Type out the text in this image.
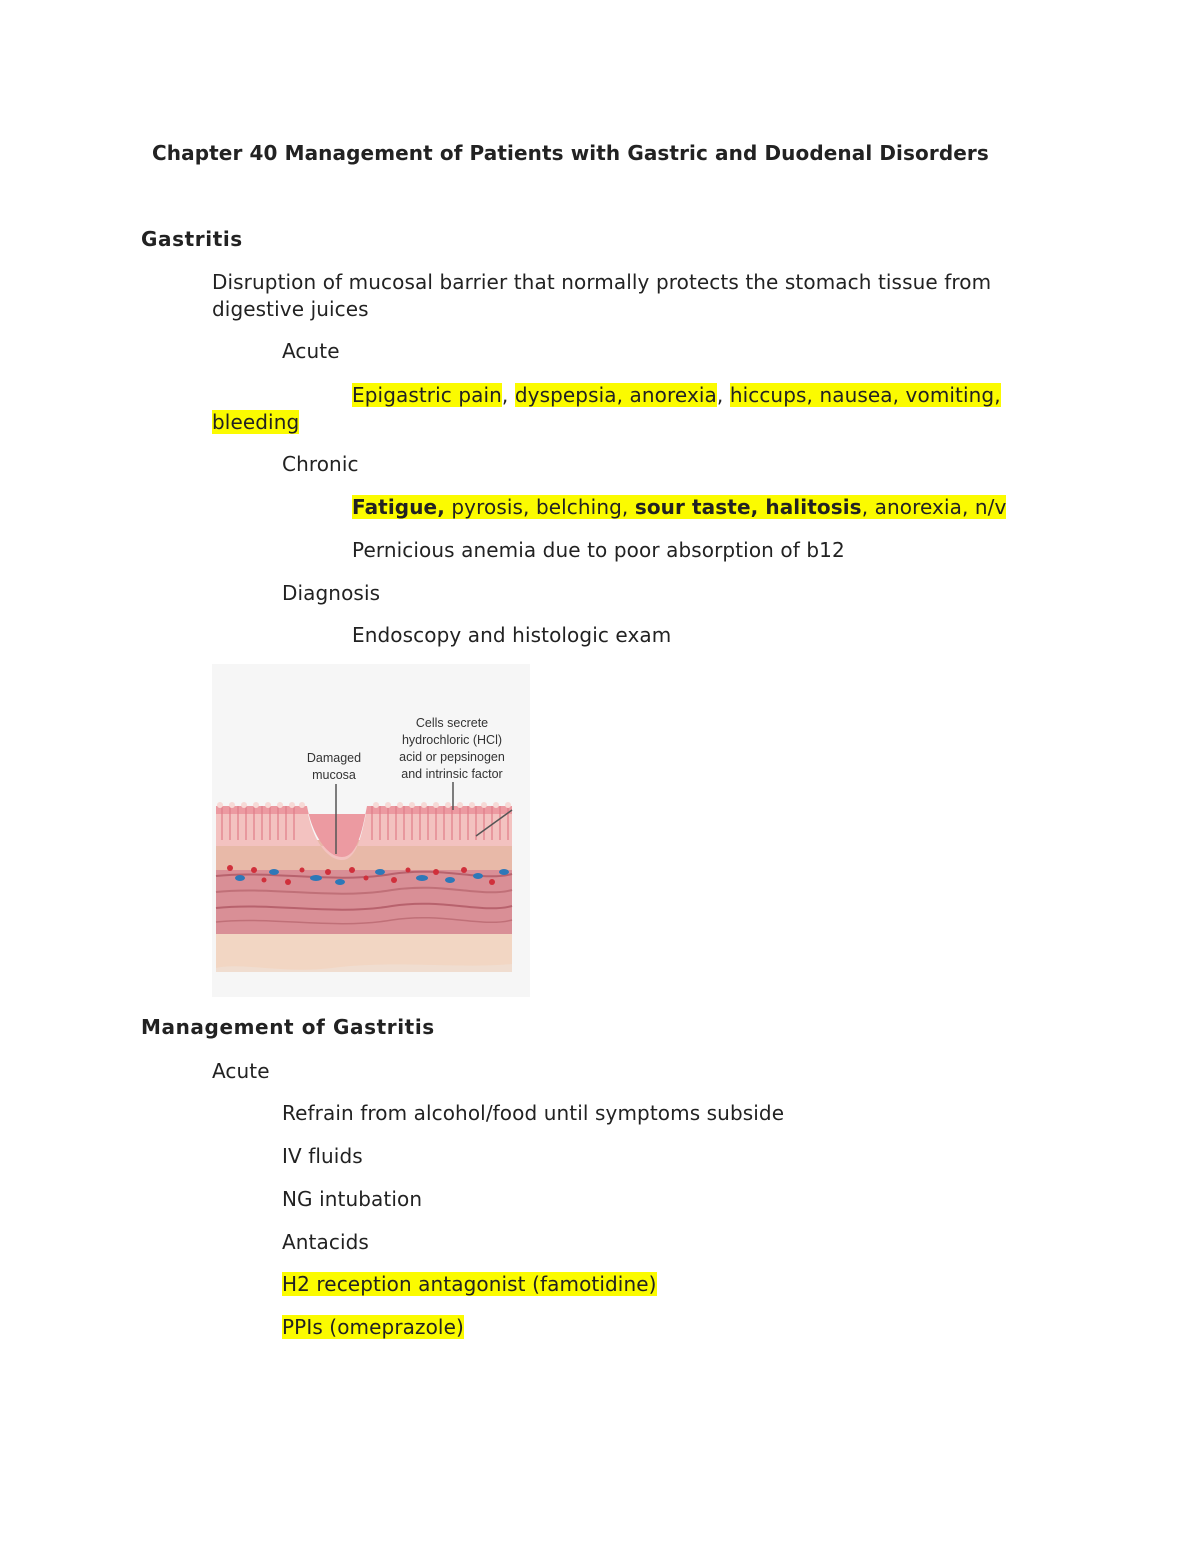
Chapter 40 Management of Patients with Gastric and Duodenal Disorders
Gastritis
Disruption of mucosal barrier that normally protects the stomach tissue from
digestive juices
Acute
Epigastric pain, dyspepsia, anorexia, hiccups, nausea, vomiting,
bleeding
Chronic
Fatigue, pyrosis, belching, sour taste, halitosis, anorexia, n/v
Pernicious anemia due to poor absorption of b12
Diagnosis
Endoscopy and histologic exam
Damaged
mucosa
Cells secrete
hydrochloric (HCl)
acid or pepsinogen
and intrinsic factor
Management of Gastritis
Acute
Refrain from alcohol/food until symptoms subside
IV fluids
NG intubation
Antacids
H2 reception antagonist (famotidine)
PPIs (omeprazole)
